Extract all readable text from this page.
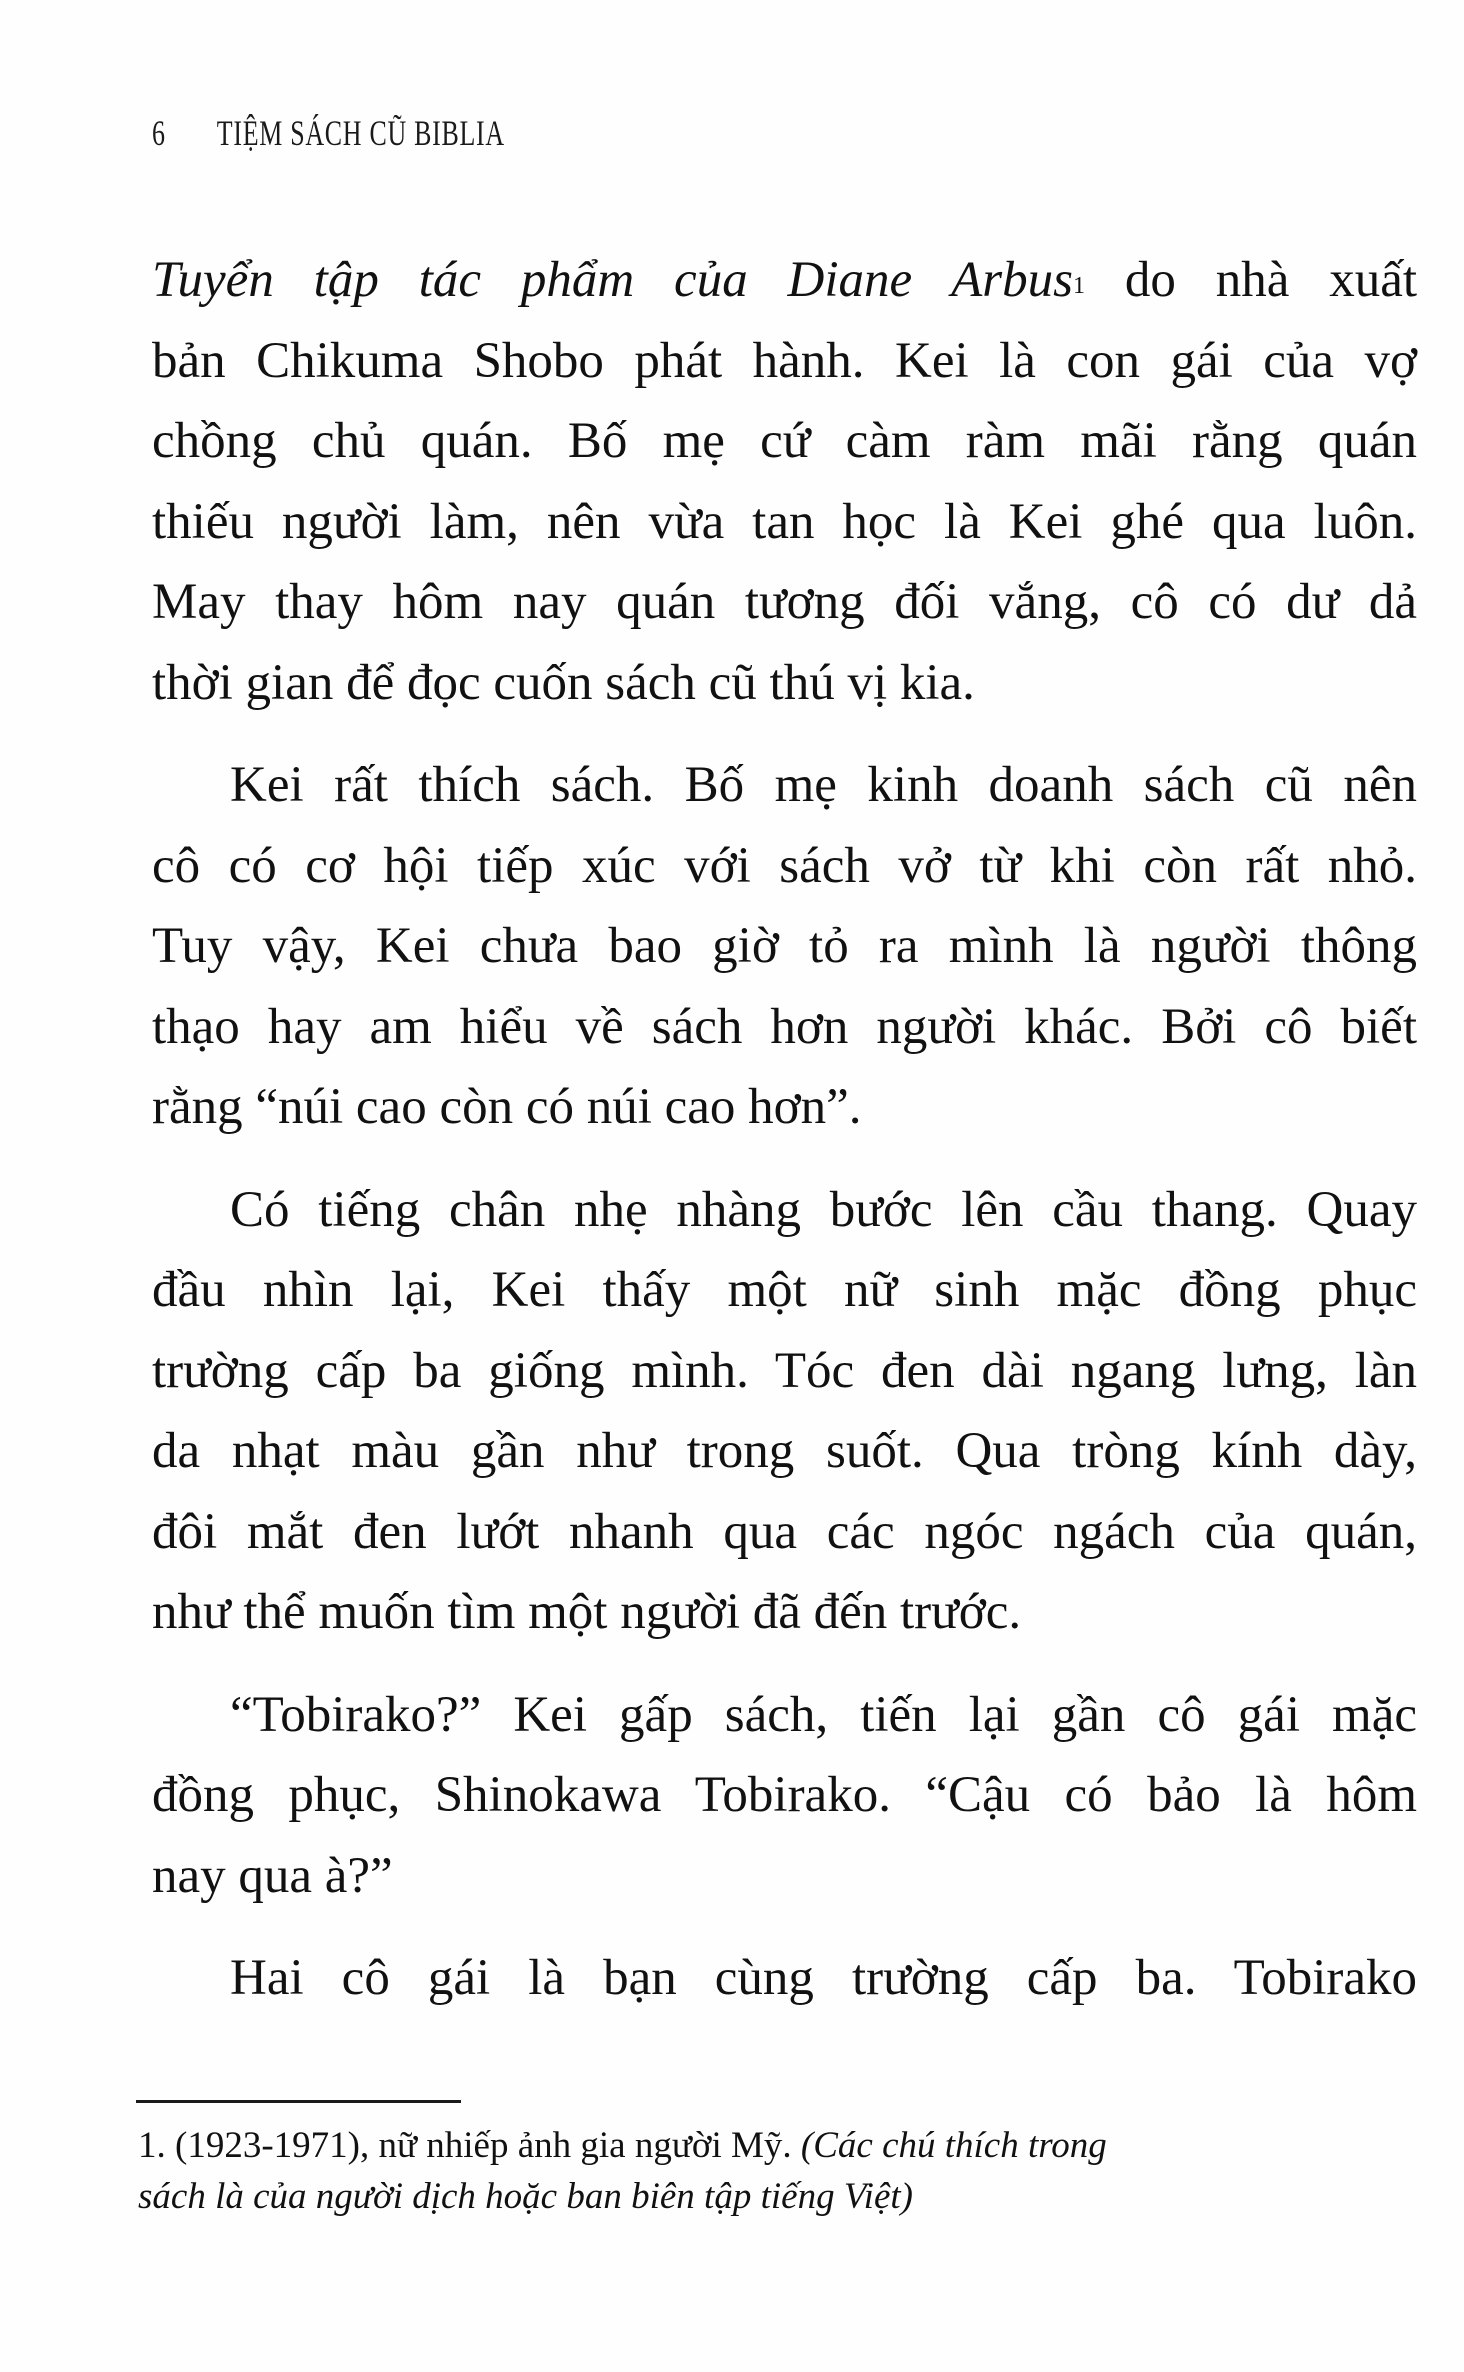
6	TIỆM SÁCH CŨ BIBLIA

Tuyển tập tác phẩm của Diane Arbus$^1$ do nhà xuất
bản Chikuma Shobo phát hành. Kei là con gái của vợ
chồng chủ quán. Bố mẹ cứ càm ràm mãi rằng quán
thiếu người làm, nên vừa tan học là Kei ghé qua luôn.
May thay hôm nay quán tương đối vắng, cô có dư dả
thời gian để đọc cuốn sách cũ thú vị kia.

Kei rất thích sách. Bố mẹ kinh doanh sách cũ nên
cô có cơ hội tiếp xúc với sách vở từ khi còn rất nhỏ.
Tuy vậy, Kei chưa bao giờ tỏ ra mình là người thông
thạo hay am hiểu về sách hơn người khác. Bởi cô biết
rằng “núi cao còn có núi cao hơn”.

Có tiếng chân nhẹ nhàng bước lên cầu thang. Quay
đầu nhìn lại, Kei thấy một nữ sinh mặc đồng phục
trường cấp ba giống mình. Tóc đen dài ngang lưng, làn
da nhạt màu gần như trong suốt. Qua tròng kính dày,
đôi mắt đen lướt nhanh qua các ngóc ngách của quán,
như thể muốn tìm một người đã đến trước.

“Tobirako?” Kei gấp sách, tiến lại gần cô gái mặc
đồng phục, Shinokawa Tobirako. “Cậu có bảo là hôm
nay qua à?”

Hai cô gái là bạn cùng trường cấp ba. Tobirako

1. (1923-1971), nữ nhiếp ảnh gia người Mỹ. (Các chú thích trong
sách là của người dịch hoặc ban biên tập tiếng Việt)
